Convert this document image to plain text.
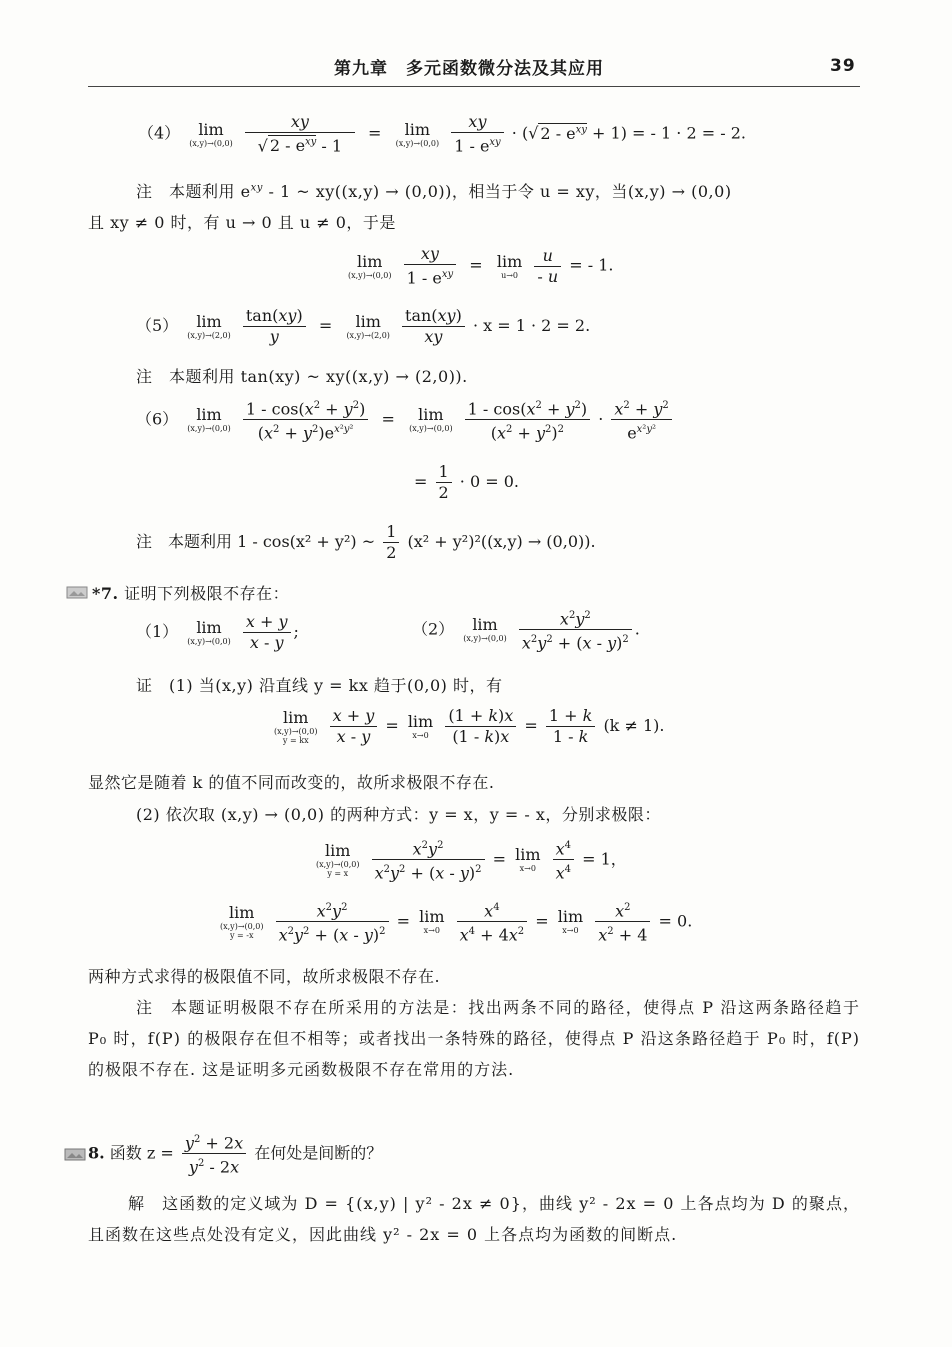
第九章　多元函数微分法及其应用	39
（4）	lim
(x,y)→(0,0)
$\frac{xy}{√ 2 - e^{xy} - 1} = \lim$
(x,y)→(0,0)
$\frac{xy}{1 - e^{xy}}$ · (√ $2 - e^{xy} + 1$) = - 1 · 2 = - 2.
注　本题利用 $e^{xy} - 1$ ~ xy((x,y) → (0,0))，相当于令 u = xy，当(x,y) → (0,0)
且 xy ≠ 0 时，有 u → 0 且 u ≠ 0，于是
lim
(x,y)→(0,0)
$\frac{xy}{1 - e^{xy}} = \lim$
u→0
$\frac{u}{- u}$ = - 1.
（5）	lim
(x,y)→(2,0)
$\frac{\tan(xy)}{y} = \lim$
(x,y)→(2,0)
$\frac{\tan(xy)}{xy} \cdot x = 1 \cdot 2 = 2$.
注　本题利用 tan(xy) ~ xy((x,y) → (2,0)).
（6）	lim
(x,y)→(0,0)
$\frac{1 - \cos(x^2 + y^2)}{(x^2 + y^2)e^{x^2y^2}} = \lim$
(x,y)→(0,0)
$\frac{1 - \cos(x^2 + y^2)}{(x^2 + y^2)^2} \cdot \frac{x^2 + y^2}{e^{x^2y^2}}$
= $\frac{1}{2} \cdot 0 = 0$.
注　本题利用 1 - cos(x² + y²) ~ $\frac{1}{2} (x^2 + y^2)^2((x,y) \to (0,0))$.
*7. 证明下列极限不存在：
（1）	lim
(x,y)→(0,0)
$\frac{x + y}{x - y}$ ;	（2）	lim
(x,y)→(0,0)
$\frac{x^2y^2}{x^2y^2 + (x - y)^2}$ .
证　(1) 当(x,y) 沿直线 y = kx 趋于(0,0) 时，有
lim
(x,y)→(0,0)
y = kx
	$\frac{x + y}{x - y} = \lim$
x→0
$\frac{(1 + k)x}{(1 - k)x} = \frac{1 + k}{1 - k} (k \ne 1)$.
显然它是随着 k 的值不同而改变的，故所求极限不存在.
(2) 依次取 (x,y) → (0,0) 的两种方式：y = x，y = - x，分别求极限：
lim
(x,y)→(0,0)
y = x
	$\frac{x^2y^2}{x^2y^2 + (x - y)^2} = \lim$
x→0
$\frac{x^4}{x^4} = 1$，
lim
(x,y)→(0,0)
y = -x
	$\frac{x^2y^2}{x^2y^2 + (x - y)^2} = \lim$
x→0
$\frac{x^4}{x^4 + 4x^2} = \lim$
x→0
$\frac{x^2}{x^2 + 4} = 0$.
两种方式求得的极限值不同，故所求极限不存在.
注　本题证明极限不存在所采用的方法是：找出两条不同的路径，使得点 P 沿这两条路径趋于 P₀ 时，f(P) 的极限存在但不相等；或者找出一条特殊的路径，使得点 P 沿这条路径趋于 P₀ 时，f(P) 的极限不存在. 这是证明多元函数极限不存在常用的方法.
8. 函数 $z = \frac{y^2 + 2x}{y^2 - 2x}$ 在何处是间断的？
解　这函数的定义域为 D = {(x,y) | y² - 2x ≠ 0}，曲线 y² - 2x = 0 上各点均为 D 的聚点，且函数在这些点处没有定义，因此曲线 y² - 2x = 0 上各点均为函数的间断点.
